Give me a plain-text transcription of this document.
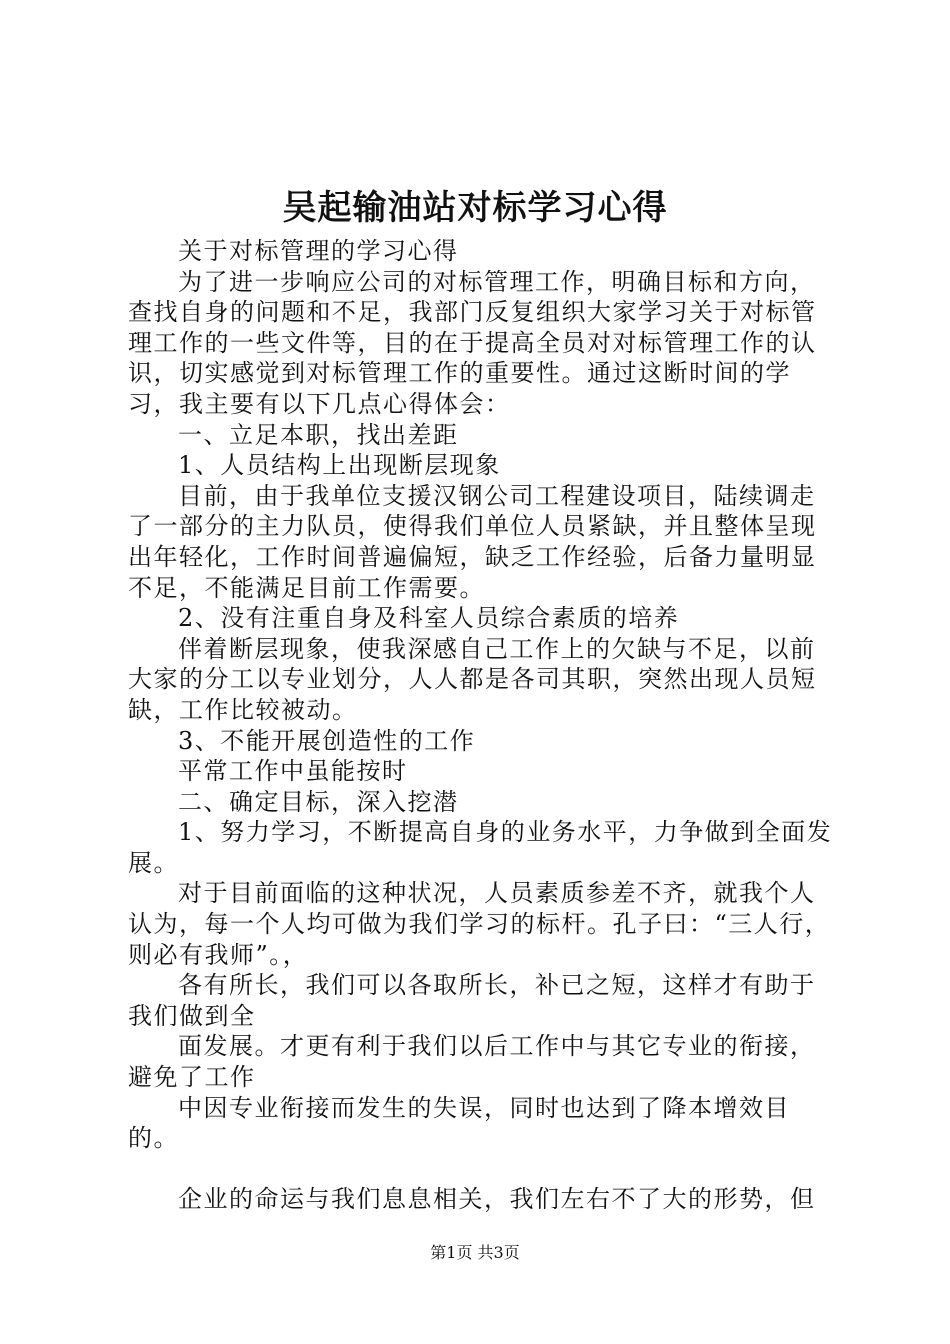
吴起输油站对标学习心得

关于对标管理的学习心得

为了进一步响应公司的对标管理工作，明确目标和方向，查找自身的问题和不足，我部门反复组织大家学习关于对标管理工作的一些文件等，目的在于提高全员对对标管理工作的认识，切实感觉到对标管理工作的重要性。通过这断时间的学习，我主要有以下几点心得体会：

一、立足本职，找出差距

1、人员结构上出现断层现象

目前，由于我单位支援汉钢公司工程建设项目，陆续调走了一部分的主力队员，使得我们单位人员紧缺，并且整体呈现出年轻化，工作时间普遍偏短，缺乏工作经验，后备力量明显不足，不能满足目前工作需要。

2、没有注重自身及科室人员综合素质的培养

伴着断层现象，使我深感自己工作上的欠缺与不足，以前大家的分工以专业划分，人人都是各司其职，突然出现人员短缺，工作比较被动。

3、不能开展创造性的工作

平常工作中虽能按时

二、确定目标，深入挖潜

1、努力学习，不断提高自身的业务水平，力争做到全面发展。

对于目前面临的这种状况，人员素质参差不齐，就我个人认为，每一个人均可做为我们学习的标杆。孔子曰：“三人行，则必有我师”。，

各有所长，我们可以各取所长，补已之短，这样才有助于我们做到全

面发展。才更有利于我们以后工作中与其它专业的衔接，避免了工作

中因专业衔接而发生的失误，同时也达到了降本增效目的。

企业的命运与我们息息相关，我们左右不了大的形势，但

第1页 共3页
